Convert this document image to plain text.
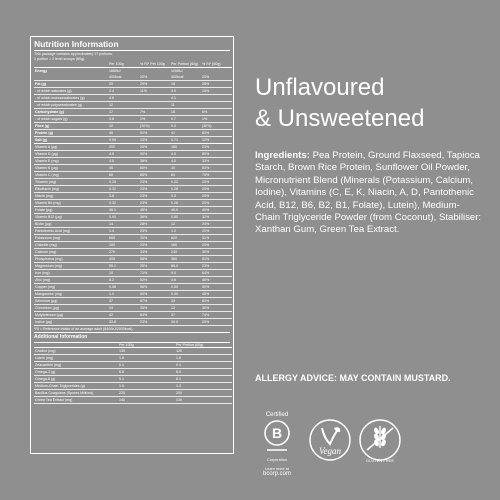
Nutrition Information
This package contains approximately 17 portions.
1 portion = 2 level scoops (60g).
	Per 100g	% RI* Per 100g	Per Portion (60g)	% RI* (60g)
Energy	1680kJ		1008kJ	
	400kcal	20%	400kcal	20%
Fat (g)	20	29%	18	26%
- of which saturates (g)	2.4	11%	3.0	15%
- of which monounsaturates (g)	4.6		4.1	
- of which polyunsaturates (g)	12		11	
Carbohydrate (g)	17	7%	15	6%
- of which sugars (g)	0.8	1%	0.7	1%
Fibre (g)	10	(30%)	9.0	(30%)
Protein (g)	46	92%	41	80%
Salt (g)	0.90	13%	0.71	12%
Vitamin A (μg)	202	25%	180	23%
Vitamin D (μg)	4.5	90%	4.0	80%
Vitamin E (mg)	4.5	38%	4.0	33%
Vitamin K (μg)	45	60%	40	53%
Vitamin C (mg)	68	85%	60	75%
Thiamin (mg)	0.25	23%	0.22	20%
Riboflavin (mg)	0.32	23%	0.28	20%
Niacin (mg)	3.6	23%	3.3	20%
Vitamin B6 (mg)	0.32	23%	0.28	20%
Folate (μg)	46.1	45%	40.0	40%
Vitamin B12 (μg)	0.90	36%	0.80	32%
Biotin (μg)	14	28%	12	24%
Pantothenic Acid (mg)	1.4	23%	1.2	20%
Potassium (mg)	668	35%	620	31%
Chloride (mg)	180	23%	160	20%
Calcium (mg)	270	34%	240	30%
Phosphorus (mg)	405	58%	360	51%
Magnesium (mg)	95.1	25%	85.0	23%
Iron (mg)	10	71%	9.0	64%
Zinc (mg)	5.2	52%	4.6	46%
Copper (mg)	0.56	56%	0.50	50%
Manganese (mg)	1.0	50%	0.90	45%
Selenium (μg)	37	67%	33	60%
Chromium (μg)	14	35%	12	30%
Molybdenum (μg)	42	84%	37	74%
Iodine (μg)	33.8	23%	30.0	20%
*RI = Reference intake of an average adult (8400kJ/2000kcal).
Additional Information
	Per 100g	Per Portion (60g)
Choline (mg)	135	120
Lutein (mg)	1.8	1.6
Zeaxanthin (mg)	0.1	0.1
Omega-3 (g)	6.8	6.0
Omega-6 (g)	9.1	8.1
Medium-Chain Triglycerides (g)	1.5	1.3
Bacillus Coagulans (Spores Millions)	225	200
Green Tea Extract (mg)	140	130
Unflavoured
& Unsweetened
Ingredients: Pea Protein, Ground Flaxseed, Tapioca Starch, Brown Rice Protein, Sunflower Oil Powder, Micronutrient Blend (Minerals (Potassium, Calcium, Iodine), Vitamins (C, E, K, Niacin, A, D, Pantothenic Acid, B12, B6, B2, B1, Folate), Lutein), Medium-Chain Triglyceride Powder (from Coconut), Stabiliser: Xanthan Gum, Green Tea Extract.
ALLERGY ADVICE: MAY CONTAIN MUSTARD.
Certified
B
Corporation
Learn more at
bcorp.com
Vegan
GLUTEN FREE
